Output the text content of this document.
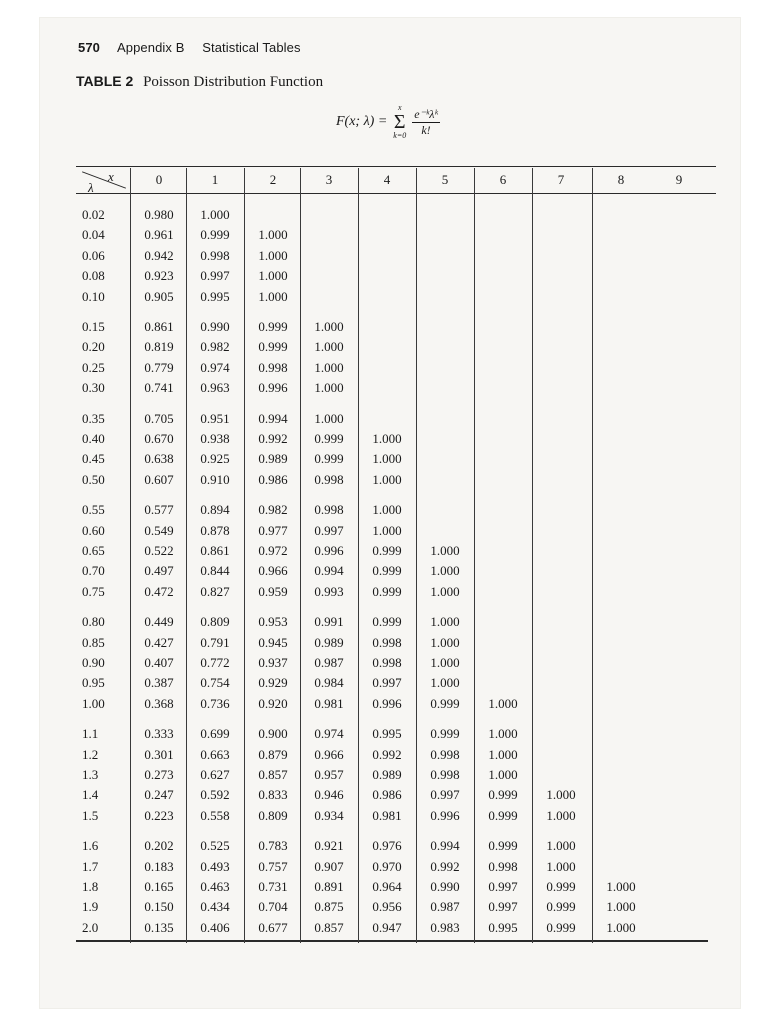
570 Appendix B Statistical Tables
TABLE 2 Poisson Distribution Function
F(x; λ) =
x
Σ
$k=0 \frac{\text{e⁻ᵏλᵏ}}{k!}$
x
λ
0	1	2	3	4	5	6	7	8	9
0.02	0.980	1.000
0.04	0.961	0.999	1.000
0.06	0.942	0.998	1.000
0.08	0.923	0.997	1.000
0.10	0.905	0.995	1.000
0.15	0.861	0.990	0.999	1.000
0.20	0.819	0.982	0.999	1.000
0.25	0.779	0.974	0.998	1.000
0.30	0.741	0.963	0.996	1.000
0.35	0.705	0.951	0.994	1.000
0.40	0.670	0.938	0.992	0.999	1.000
0.45	0.638	0.925	0.989	0.999	1.000
0.50	0.607	0.910	0.986	0.998	1.000
0.55	0.577	0.894	0.982	0.998	1.000
0.60	0.549	0.878	0.977	0.997	1.000
0.65	0.522	0.861	0.972	0.996	0.999	1.000
0.70	0.497	0.844	0.966	0.994	0.999	1.000
0.75	0.472	0.827	0.959	0.993	0.999	1.000
0.80	0.449	0.809	0.953	0.991	0.999	1.000
0.85	0.427	0.791	0.945	0.989	0.998	1.000
0.90	0.407	0.772	0.937	0.987	0.998	1.000
0.95	0.387	0.754	0.929	0.984	0.997	1.000
1.00	0.368	0.736	0.920	0.981	0.996	0.999	1.000
1.1	0.333	0.699	0.900	0.974	0.995	0.999	1.000
1.2	0.301	0.663	0.879	0.966	0.992	0.998	1.000
1.3	0.273	0.627	0.857	0.957	0.989	0.998	1.000
1.4	0.247	0.592	0.833	0.946	0.986	0.997	0.999	1.000
1.5	0.223	0.558	0.809	0.934	0.981	0.996	0.999	1.000
1.6	0.202	0.525	0.783	0.921	0.976	0.994	0.999	1.000
1.7	0.183	0.493	0.757	0.907	0.970	0.992	0.998	1.000
1.8	0.165	0.463	0.731	0.891	0.964	0.990	0.997	0.999	1.000
1.9	0.150	0.434	0.704	0.875	0.956	0.987	0.997	0.999	1.000
2.0	0.135	0.406	0.677	0.857	0.947	0.983	0.995	0.999	1.000
